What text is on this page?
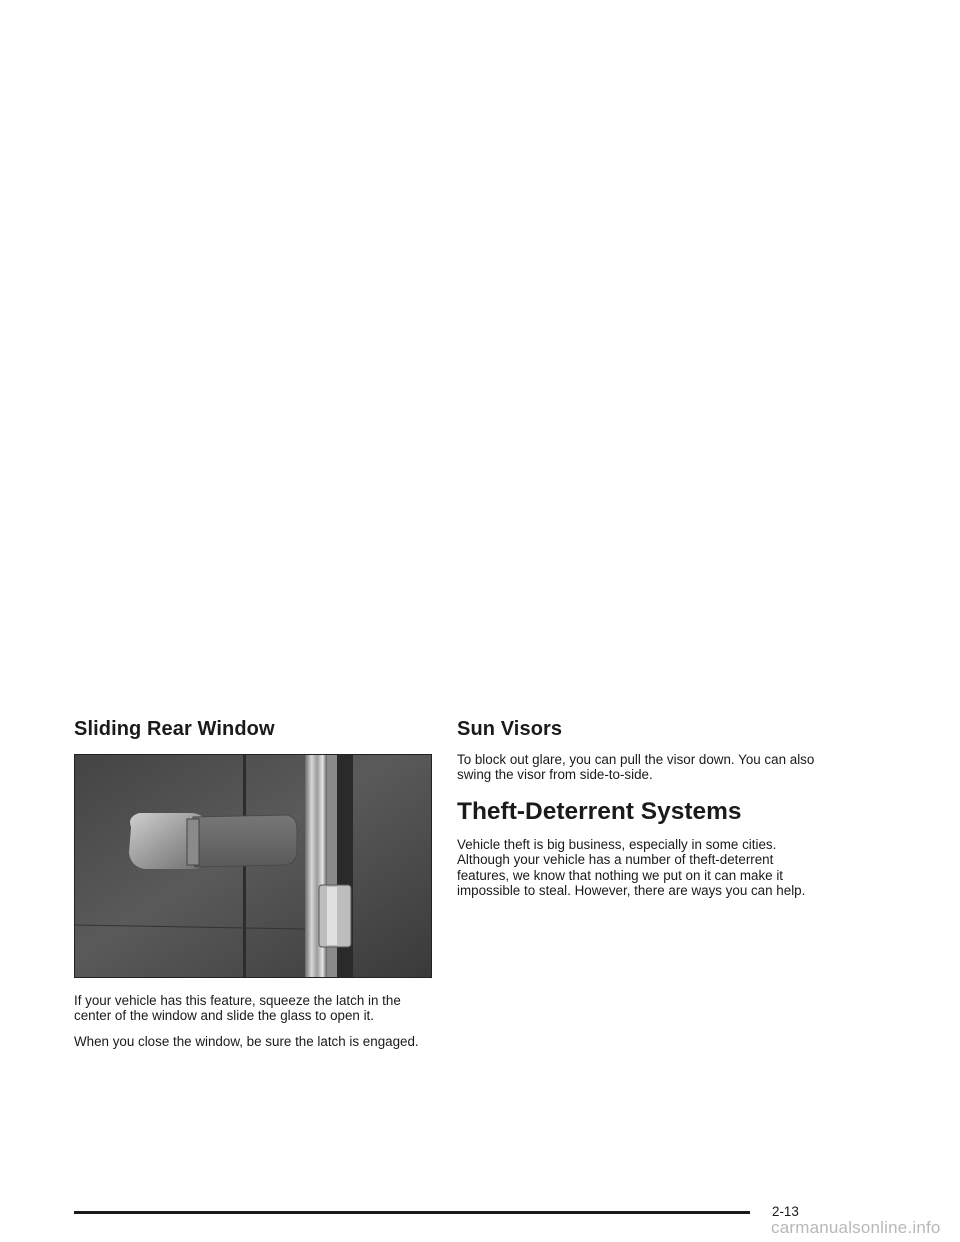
Sliding Rear Window

If your vehicle has this feature, squeeze the latch in the center of the window and slide the glass to open it.

When you close the window, be sure the latch is engaged.

Sun Visors

To block out glare, you can pull the visor down. You can also swing the visor from side-to-side.

Theft-Deterrent Systems

Vehicle theft is big business, especially in some cities. Although your vehicle has a number of theft-deterrent features, we know that nothing we put on it can make it impossible to steal. However, there are ways you can help.

2-13
carmanualsonline.info
